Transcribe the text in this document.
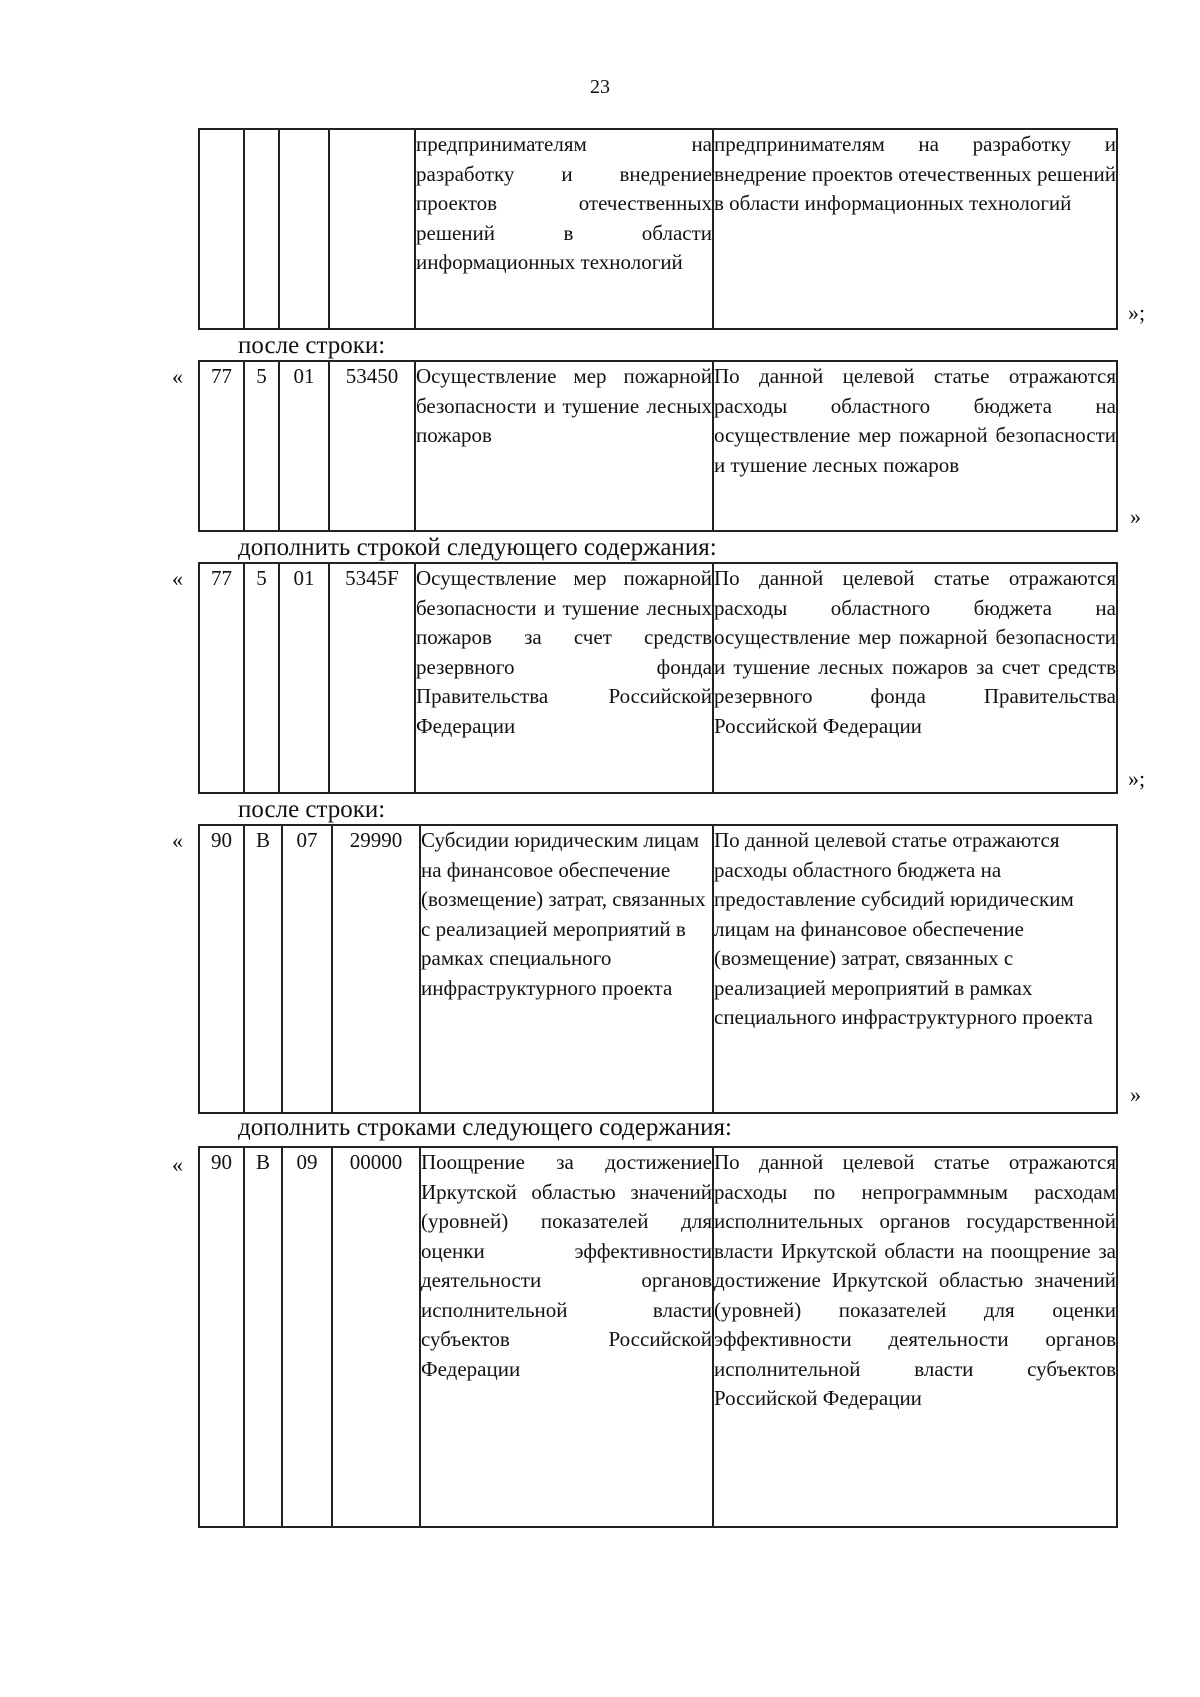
23
				предпринимателям на разработку и внедрение проектов отечественных решений в области информационных технологий	предпринимателям на разработку и внедрение проектов отечественных решений в области информационных технологий
»;
после строки:
« 77	5	01	53450	Осуществление мер пожарной безопасности и тушение лесных пожаров	По данной целевой статье отражаются расходы областного бюджета на осуществление мер пожарной безопасности и тушение лесных пожаров
»
дополнить строкой следующего содержания:
« 77	5	01	5345F	Осуществление мер пожарной безопасности и тушение лесных пожаров за счет средств резервного фонда Правительства Российской Федерации	По данной целевой статье отражаются расходы областного бюджета на осуществление мер пожарной безопасности и тушение лесных пожаров за счет средств резервного фонда Правительства Российской Федерации
»;
после строки:
« 90	В	07	29990	Субсидии юридическим лицам на финансовое обеспечение (возмещение) затрат, связанных с реализацией мероприятий в рамках специального инфраструктурного проекта	По данной целевой статье отражаются расходы областного бюджета на предоставление субсидий юридическим лицам на финансовое обеспечение (возмещение) затрат, связанных с реализацией мероприятий в рамках специального инфраструктурного проекта
»
дополнить строками следующего содержания:
« 90	В	09	00000	Поощрение за достижение Иркутской областью значений (уровней) показателей для оценки эффективности деятельности органов исполнительной власти субъектов Российской Федерации	По данной целевой статье отражаются расходы по непрограммным расходам исполнительных органов государственной власти Иркутской области на поощрение за достижение Иркутской областью значений (уровней) показателей для оценки эффективности деятельности органов исполнительной власти субъектов Российской Федерации
